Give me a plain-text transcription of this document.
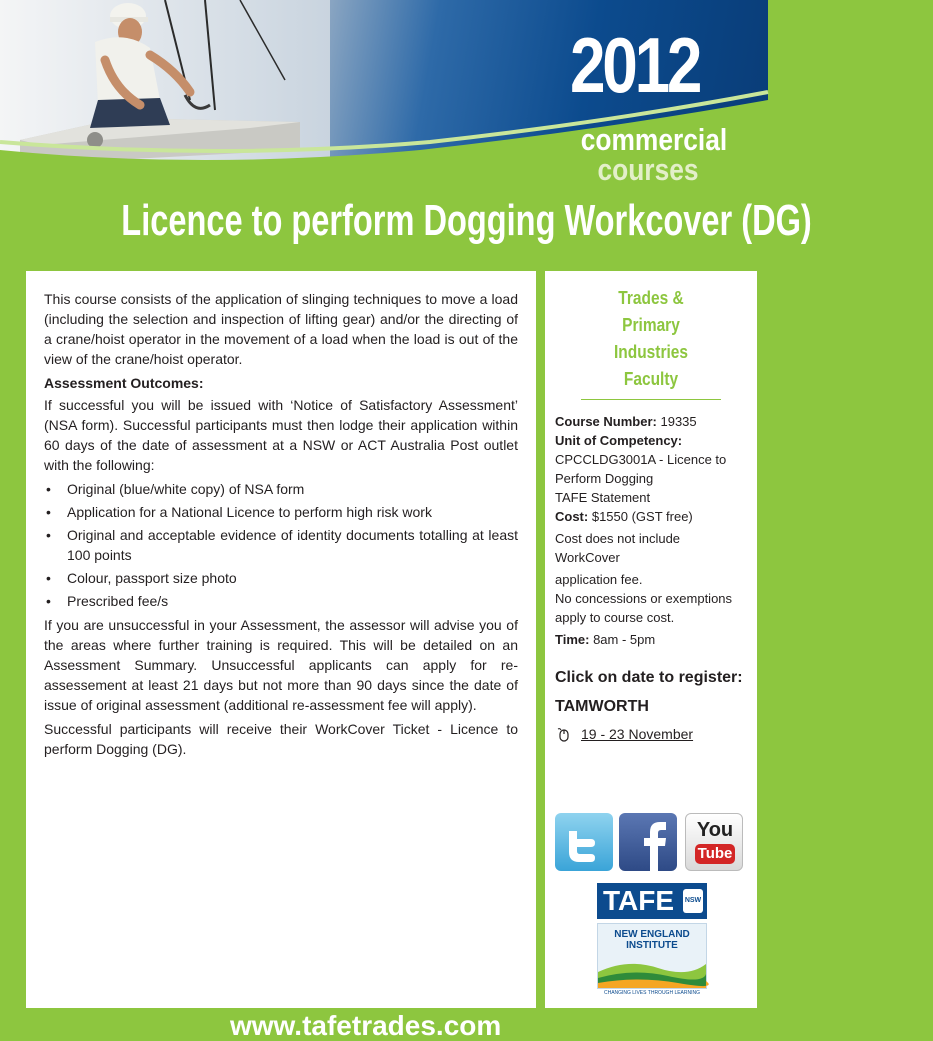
2012
commercial
courses
Licence to perform Dogging Workcover (DG)

This course consists of the application of slinging techniques to move a load (including the selection and inspection of lifting gear) and/or the directing of a crane/hoist operator in the movement of a load when the load is out of the view of the crane/hoist operator.

Assessment Outcomes:

If successful you will be issued with ‘Notice of Satisfactory Assessment’ (NSA form). Successful participants must then lodge their application within 60 days of the date of assessment at a NSW or ACT Australia Post outlet with the following:

• Original (blue/white copy) of NSA form
• Application for a National Licence to perform high risk work
• Original and acceptable evidence of identity documents totalling at least 100 points
• Colour, passport size photo
• Prescribed fee/s

If you are unsuccessful in your Assessment, the assessor will advise you of the areas where further training is required. This will be detailed on an Assessment Summary. Unsuccessful applicants can apply for re-assessement at least 21 days but not more than 90 days since the date of issue of original assessment (additional re-assessment fee will apply).

Successful participants will receive their WorkCover Ticket - Licence to perform Dogging (DG).

Trades & Primary
Industries Faculty
Course Number: 19335
Unit of Competency:
CPCCLDG3001A - Licence to
Perform Dogging
TAFE Statement
Cost: $1550 (GST free)
Cost does not include WorkCover
application fee.
No concessions or exemptions
apply to course cost.
Time: 8am - 5pm
Click on date to register:
TAMWORTH
19 - 23 November
You
Tube
TAFE	NSW
NEW ENGLAND
INSTITUTE
CHANGING LIVES THROUGH LEARNING
www.tafetrades.com
